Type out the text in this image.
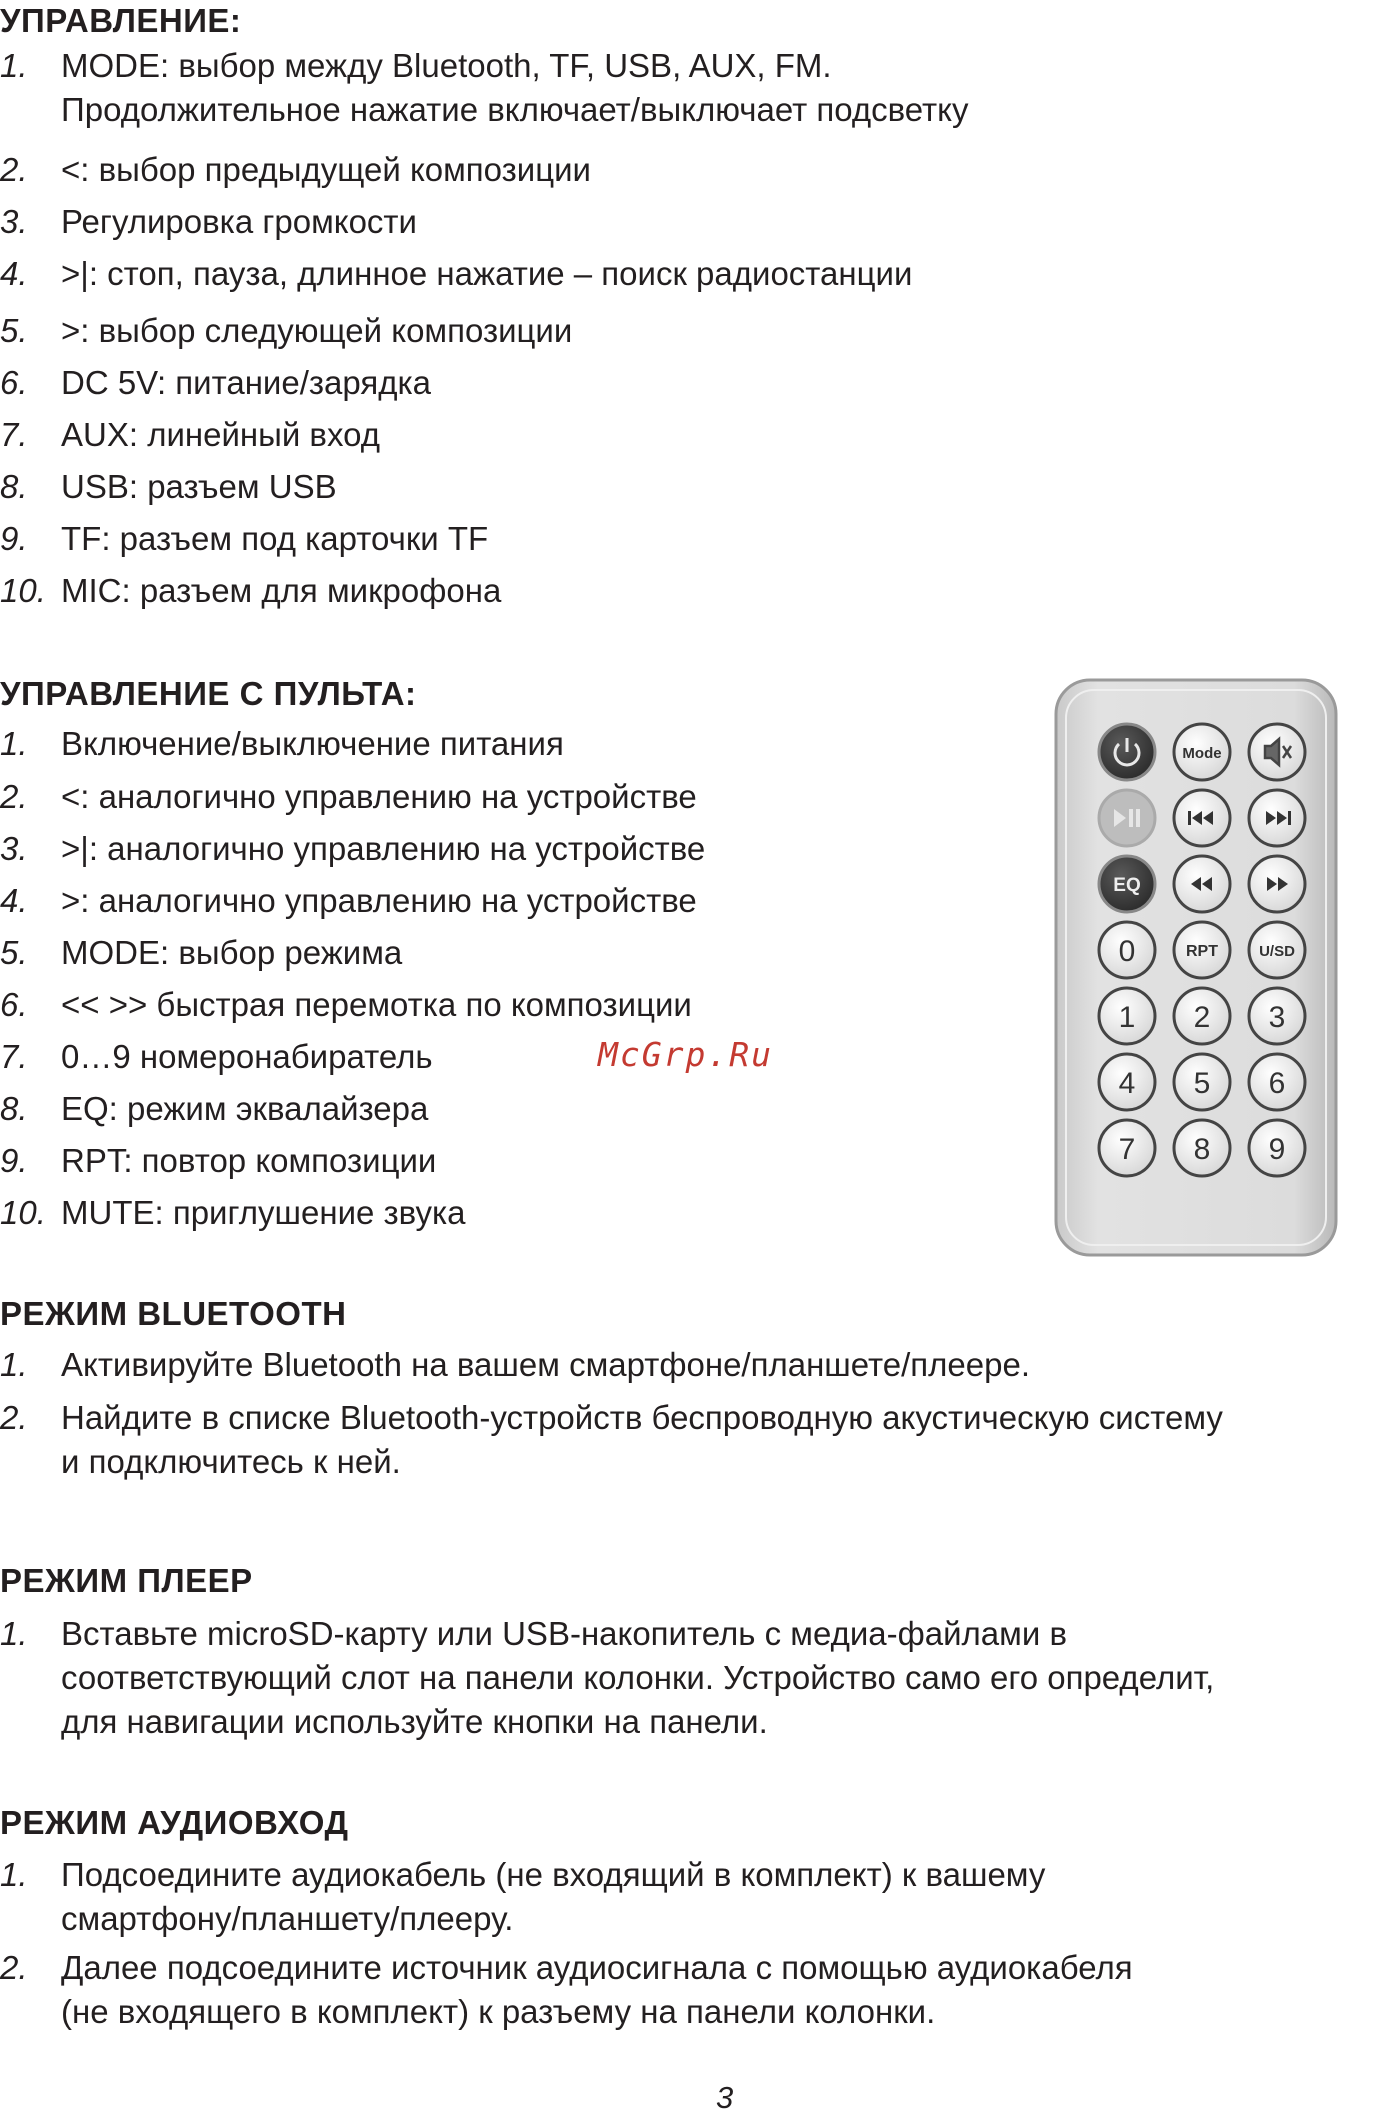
УПРАВЛЕНИЕ:
1. MODE: выбор между Bluetooth, TF, USB, AUX, FM.
Продолжительное нажатие включает/выключает подсветку
2. <: выбор предыдущей композиции
3. Регулировка громкости
4. >|: стоп, пауза, длинное нажатие – поиск радиостанции
5. >: выбор следующей композиции
6. DC 5V: питание/зарядка
7. AUX: линейный вход
8. USB: разъем USB
9. TF: разъем под карточки TF
10. MIC: разъем для микрофона
УПРАВЛЕНИЕ С ПУЛЬТА:
1. Включение/выключение питания
2. <: аналогично управлению на устройстве
3. >|: аналогично управлению на устройстве
4. >: аналогично управлению на устройстве
5. MODE: выбор режима
6. << >> быстрая перемотка по композиции
7. 0…9 номеронабиратель
8. EQ: режим эквалайзера
9. RPT: повтор композиции
10. MUTE: приглушение звука
McGrp.Ru
Mode
EQ
0	RPT	U/SD
1 2 3
4 5 6
7 8 9
РЕЖИМ BLUETOOTH
1. Активируйте Bluetooth на вашем смартфоне/планшете/плеере.
2. Найдите в списке Bluetooth-устройств беспроводную акустическую систему
и подключитесь к ней.
РЕЖИМ ПЛЕЕР
1. Вставьте microSD-карту или USB-накопитель с медиа-файлами в
соответствующий слот на панели колонки. Устройство само его определит,
для навигации используйте кнопки на панели.
РЕЖИМ АУДИОВХОД
1. Подсоедините аудиокабель (не входящий в комплект) к вашему
смартфону/планшету/плееру.
2. Далее подсоедините источник аудиосигнала с помощью аудиокабеля
(не входящего в комплект) к разъему на панели колонки.
3
